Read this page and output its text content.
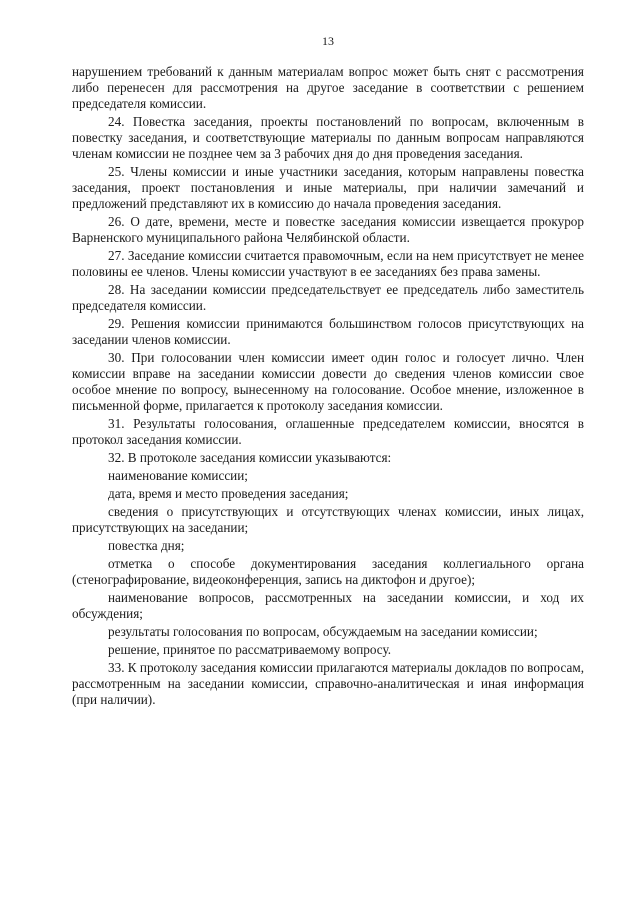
13

нарушением требований к данным материалам вопрос может быть снят с рассмотрения либо перенесен для рассмотрения на другое заседание в соответствии с решением председателя комиссии.

24. Повестка заседания, проекты постановлений по вопросам, включенным в повестку заседания, и соответствующие материалы по данным вопросам направляются членам комиссии не позднее чем за 3 рабочих дня до дня проведения заседания.

25. Члены комиссии и иные участники заседания, которым направлены повестка заседания, проект постановления и иные материалы, при наличии замечаний и предложений представляют их в комиссию до начала проведения заседания.

26. О дате, времени, месте и повестке заседания комиссии извещается прокурор Варненского муниципального района Челябинской области.

27. Заседание комиссии считается правомочным, если на нем присутствует не менее половины ее членов. Члены комиссии участвуют в ее заседаниях без права замены.

28. На заседании комиссии председательствует ее председатель либо заместитель председателя комиссии.

29. Решения комиссии принимаются большинством голосов присутствующих на заседании членов комиссии.

30. При голосовании член комиссии имеет один голос и голосует лично. Член комиссии вправе на заседании комиссии довести до сведения членов комиссии свое особое мнение по вопросу, вынесенному на голосование. Особое мнение, изложенное в письменной форме, прилагается к протоколу заседания комиссии.

31. Результаты голосования, оглашенные председателем комиссии, вносятся в протокол заседания комиссии.

32. В протоколе заседания комиссии указываются:

наименование комиссии;

дата, время и место проведения заседания;

сведения о присутствующих и отсутствующих членах комиссии, иных лицах, присутствующих на заседании;

повестка дня;

отметка о способе документирования заседания коллегиального органа (стенографирование, видеоконференция, запись на диктофон и другое);

наименование вопросов, рассмотренных на заседании комиссии, и ход их обсуждения;

результаты голосования по вопросам, обсуждаемым на заседании комиссии;

решение, принятое по рассматриваемому вопросу.

33. К протоколу заседания комиссии прилагаются материалы докладов по вопросам, рассмотренным на заседании комиссии, справочно-аналитическая и иная информация (при наличии).
